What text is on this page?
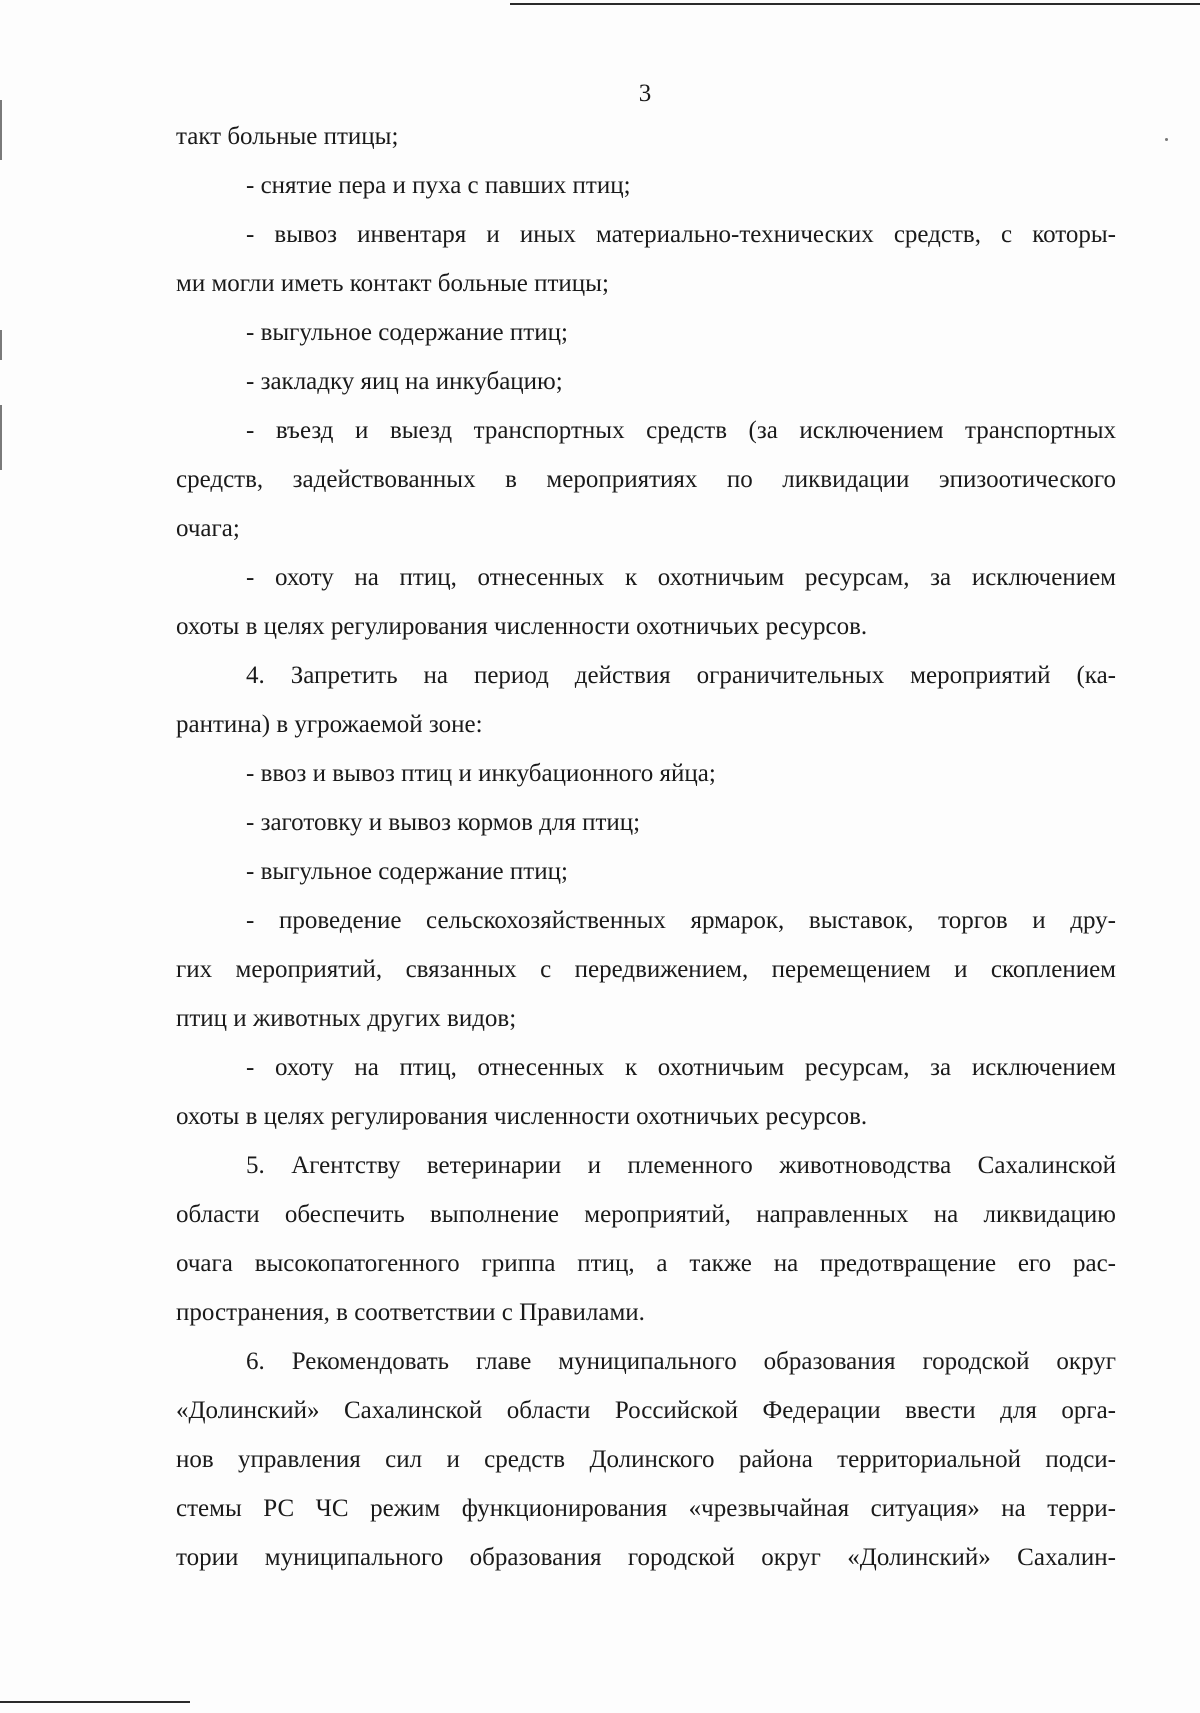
3
такт больные птицы;
- снятие пера и пуха с павших птиц;
- вывоз инвентаря и иных материально-технических средств, с которы-
ми могли иметь контакт больные птицы;
- выгульное содержание птиц;
- закладку яиц на инкубацию;
- въезд и выезд транспортных средств (за исключением транспортных
средств, задействованных в мероприятиях по ликвидации эпизоотического
очага;
- охоту на птиц, отнесенных к охотничьим ресурсам, за исключением
охоты в целях регулирования численности охотничьих ресурсов.
4. Запретить на период действия ограничительных мероприятий (ка-
рантина) в угрожаемой зоне:
- ввоз и вывоз птиц и инкубационного яйца;
- заготовку и вывоз кормов для птиц;
- выгульное содержание птиц;
- проведение сельскохозяйственных ярмарок, выставок, торгов и дру-
гих мероприятий, связанных с передвижением, перемещением и скоплением
птиц и животных других видов;
- охоту на птиц, отнесенных к охотничьим ресурсам, за исключением
охоты в целях регулирования численности охотничьих ресурсов.
5. Агентству ветеринарии и племенного животноводства Сахалинской
области обеспечить выполнение мероприятий, направленных на ликвидацию
очага высокопатогенного гриппа птиц, а также на предотвращение его рас-
пространения, в соответствии с Правилами.
6. Рекомендовать главе муниципального образования городской округ
«Долинский» Сахалинской области Российской Федерации ввести для орга-
нов управления сил и средств Долинского района территориальной подси-
стемы РС ЧС режим функционирования «чрезвычайная ситуация» на терри-
тории муниципального образования городской округ «Долинский» Сахалин-
